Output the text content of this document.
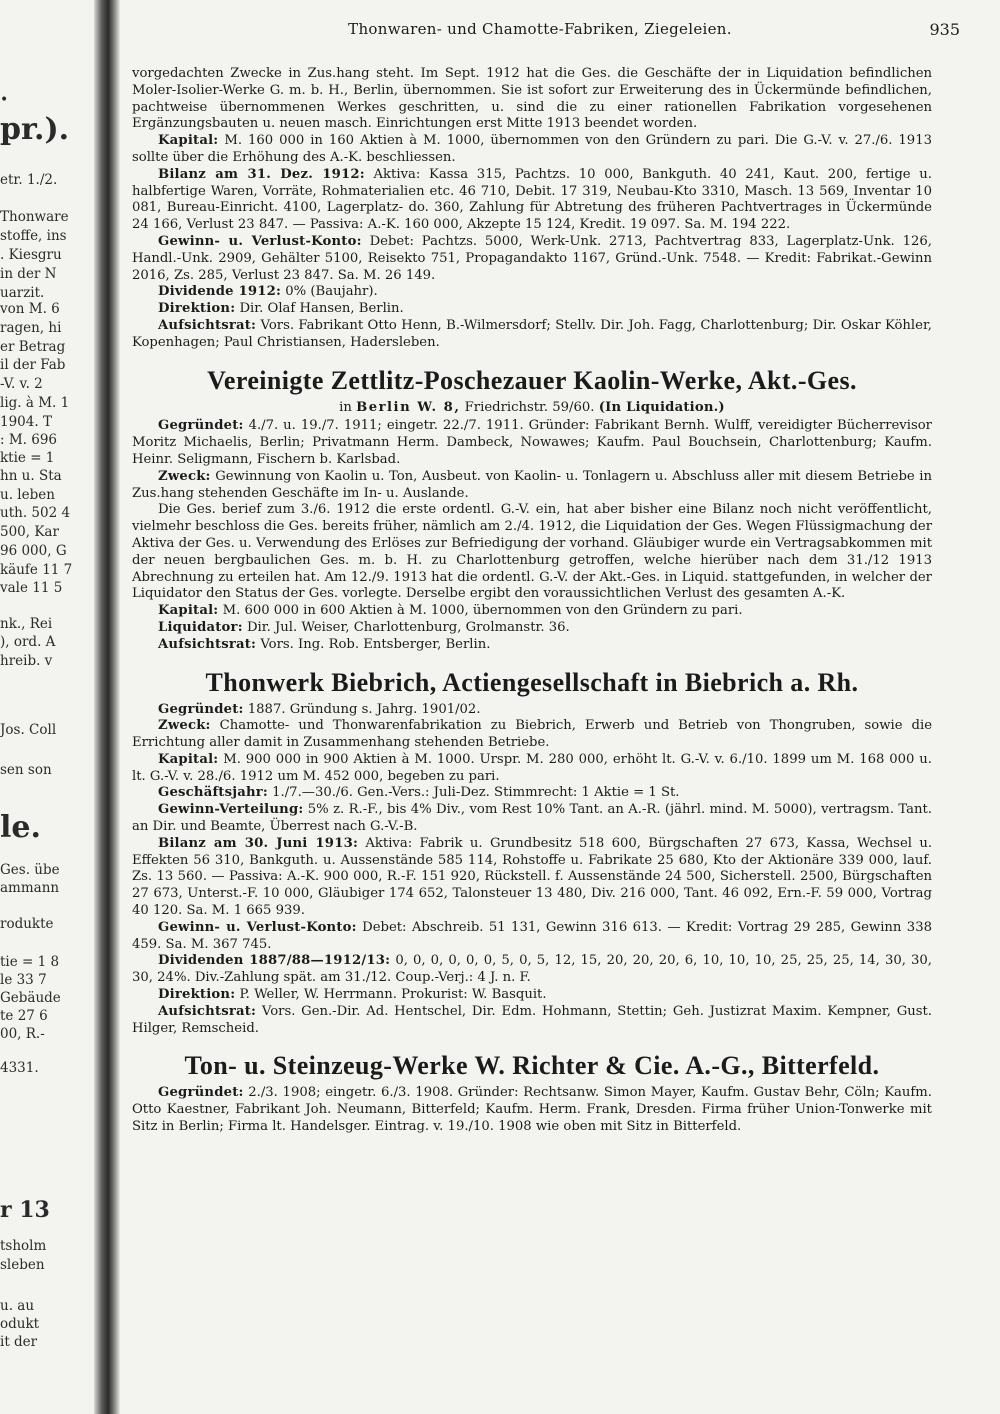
•
pr.).
etr. 1./2.
Thonware
stoffe, ins
. Kiesgru
in der N
uarzit.
von M. 6
ragen, hi
er Betrag
il der Fab
-V. v. 2
lig. à M. 1
1904. T
: M. 696
ktie = 1
hn u. Sta
u. leben
uth. 502 4
500, Kar
96 000, G
käufe 11 7
vale 11 5
nk., Rei
), ord. A
hreib. v
Jos. Coll
sen son
le.
Ges. übe
ammann
rodukte
tie = 1 8
le 33 7
Gebäude
te 27 6
00, R.-
4331.
r 13
tsholm
sleben
u. au
odukt
it der
Thonwaren- und Chamotte-Fabriken, Ziegeleien.	935

vorgedachten Zwecke in Zus.hang steht. Im Sept. 1912 hat die Ges. die Geschäfte der in Liquidation befindlichen Moler-Isolier-Werke G. m. b. H., Berlin, übernommen. Sie ist sofort zur Erweiterung des in Ückermünde befindlichen, pachtweise übernommenen Werkes geschritten, u. sind die zu einer rationellen Fabrikation vorgesehenen Ergänzungsbauten u. neuen masch. Einrichtungen erst Mitte 1913 beendet worden.

Kapital: M. 160 000 in 160 Aktien à M. 1000, übernommen von den Gründern zu pari. Die G.-V. v. 27./6. 1913 sollte über die Erhöhung des A.-K. beschliessen.

Bilanz am 31. Dez. 1912: Aktiva: Kassa 315, Pachtzs. 10 000, Bankguth. 40 241, Kaut. 200, fertige u. halbfertige Waren, Vorräte, Rohmaterialien etc. 46 710, Debit. 17 319, Neubau-Kto 3310, Masch. 13 569, Inventar 10 081, Bureau-Einricht. 4100, Lagerplatz- do. 360, Zahlung für Abtretung des früheren Pachtvertrages in Ückermünde 24 166, Verlust 23 847. — Passiva: A.-K. 160 000, Akzepte 15 124, Kredit. 19 097. Sa. M. 194 222.

Gewinn- u. Verlust-Konto: Debet: Pachtzs. 5000, Werk-Unk. 2713, Pachtvertrag 833, Lagerplatz-Unk. 126, Handl.-Unk. 2909, Gehälter 5100, Reisekto 751, Propagandakto 1167, Gründ.-Unk. 7548. — Kredit: Fabrikat.-Gewinn 2016, Zs. 285, Verlust 23 847. Sa. M. 26 149.

Dividende 1912: 0% (Baujahr).

Direktion: Dir. Olaf Hansen, Berlin.

Aufsichtsrat: Vors. Fabrikant Otto Henn, B.-Wilmersdorf; Stellv. Dir. Joh. Fagg, Charlottenburg; Dir. Oskar Köhler, Kopenhagen; Paul Christiansen, Hadersleben.

Vereinigte Zettlitz-Poschezauer Kaolin-Werke, Akt.-Ges.
in Berlin W. 8, Friedrichstr. 59/60. (In Liquidation.)

Gegründet: 4./7. u. 19./7. 1911; eingetr. 22./7. 1911. Gründer: Fabrikant Bernh. Wulff, vereidigter Bücherrevisor Moritz Michaelis, Berlin; Privatmann Herm. Dambeck, Nowawes; Kaufm. Paul Bouchsein, Charlottenburg; Kaufm. Heinr. Seligmann, Fischern b. Karlsbad.

Zweck: Gewinnung von Kaolin u. Ton, Ausbeut. von Kaolin- u. Tonlagern u. Abschluss aller mit diesem Betriebe in Zus.hang stehenden Geschäfte im In- u. Auslande.

Die Ges. berief zum 3./6. 1912 die erste ordentl. G.-V. ein, hat aber bisher eine Bilanz noch nicht veröffentlicht, vielmehr beschloss die Ges. bereits früher, nämlich am 2./4. 1912, die Liquidation der Ges. Wegen Flüssigmachung der Aktiva der Ges. u. Verwendung des Erlöses zur Befriedigung der vorhand. Gläubiger wurde ein Vertragsabkommen mit der neuen bergbaulichen Ges. m. b. H. zu Charlottenburg getroffen, welche hierüber nach dem 31./12 1913 Abrechnung zu erteilen hat. Am 12./9. 1913 hat die ordentl. G.-V. der Akt.-Ges. in Liquid. stattgefunden, in welcher der Liquidator den Status der Ges. vorlegte. Derselbe ergibt den voraussichtlichen Verlust des gesamten A.-K.

Kapital: M. 600 000 in 600 Aktien à M. 1000, übernommen von den Gründern zu pari.

Liquidator: Dir. Jul. Weiser, Charlottenburg, Grolmanstr. 36.

Aufsichtsrat: Vors. Ing. Rob. Entsberger, Berlin.

Thonwerk Biebrich, Actiengesellschaft in Biebrich a. Rh.

Gegründet: 1887. Gründung s. Jahrg. 1901/02.

Zweck: Chamotte- und Thonwarenfabrikation zu Biebrich, Erwerb und Betrieb von Thongruben, sowie die Errichtung aller damit in Zusammenhang stehenden Betriebe.

Kapital: M. 900 000 in 900 Aktien à M. 1000. Urspr. M. 280 000, erhöht lt. G.-V. v. 6./10. 1899 um M. 168 000 u. lt. G.-V. v. 28./6. 1912 um M. 452 000, begeben zu pari.

Geschäftsjahr: 1./7.—30./6. Gen.-Vers.: Juli-Dez. Stimmrecht: 1 Aktie = 1 St.

Gewinn-Verteilung: 5% z. R.-F., bis 4% Div., vom Rest 10% Tant. an A.-R. (jährl. mind. M. 5000), vertragsm. Tant. an Dir. und Beamte, Überrest nach G.-V.-B.

Bilanz am 30. Juni 1913: Aktiva: Fabrik u. Grundbesitz 518 600, Bürgschaften 27 673, Kassa, Wechsel u. Effekten 56 310, Bankguth. u. Aussenstände 585 114, Rohstoffe u. Fabrikate 25 680, Kto der Aktionäre 339 000, lauf. Zs. 13 560. — Passiva: A.-K. 900 000, R.-F. 151 920, Rückstell. f. Aussenstände 24 500, Sicherstell. 2500, Bürgschaften 27 673, Unterst.-F. 10 000, Gläubiger 174 652, Talonsteuer 13 480, Div. 216 000, Tant. 46 092, Ern.-F. 59 000, Vortrag 40 120. Sa. M. 1 665 939.

Gewinn- u. Verlust-Konto: Debet: Abschreib. 51 131, Gewinn 316 613. — Kredit: Vortrag 29 285, Gewinn 338 459. Sa. M. 367 745.

Dividenden 1887/88—1912/13: 0, 0, 0, 0, 0, 0, 5, 0, 5, 12, 15, 20, 20, 20, 6, 10, 10, 10, 25, 25, 25, 14, 30, 30, 30, 24%. Div.-Zahlung spät. am 31./12. Coup.-Verj.: 4 J. n. F.

Direktion: P. Weller, W. Herrmann. Prokurist: W. Basquit.

Aufsichtsrat: Vors. Gen.-Dir. Ad. Hentschel, Dir. Edm. Hohmann, Stettin; Geh. Justizrat Maxim. Kempner, Gust. Hilger, Remscheid.

Ton- u. Steinzeug-Werke W. Richter & Cie. A.-G., Bitterfeld.

Gegründet: 2./3. 1908; eingetr. 6./3. 1908. Gründer: Rechtsanw. Simon Mayer, Kaufm. Gustav Behr, Cöln; Kaufm. Otto Kaestner, Fabrikant Joh. Neumann, Bitterfeld; Kaufm. Herm. Frank, Dresden. Firma früher Union-Tonwerke mit Sitz in Berlin; Firma lt. Handelsger. Eintrag. v. 19./10. 1908 wie oben mit Sitz in Bitterfeld.
